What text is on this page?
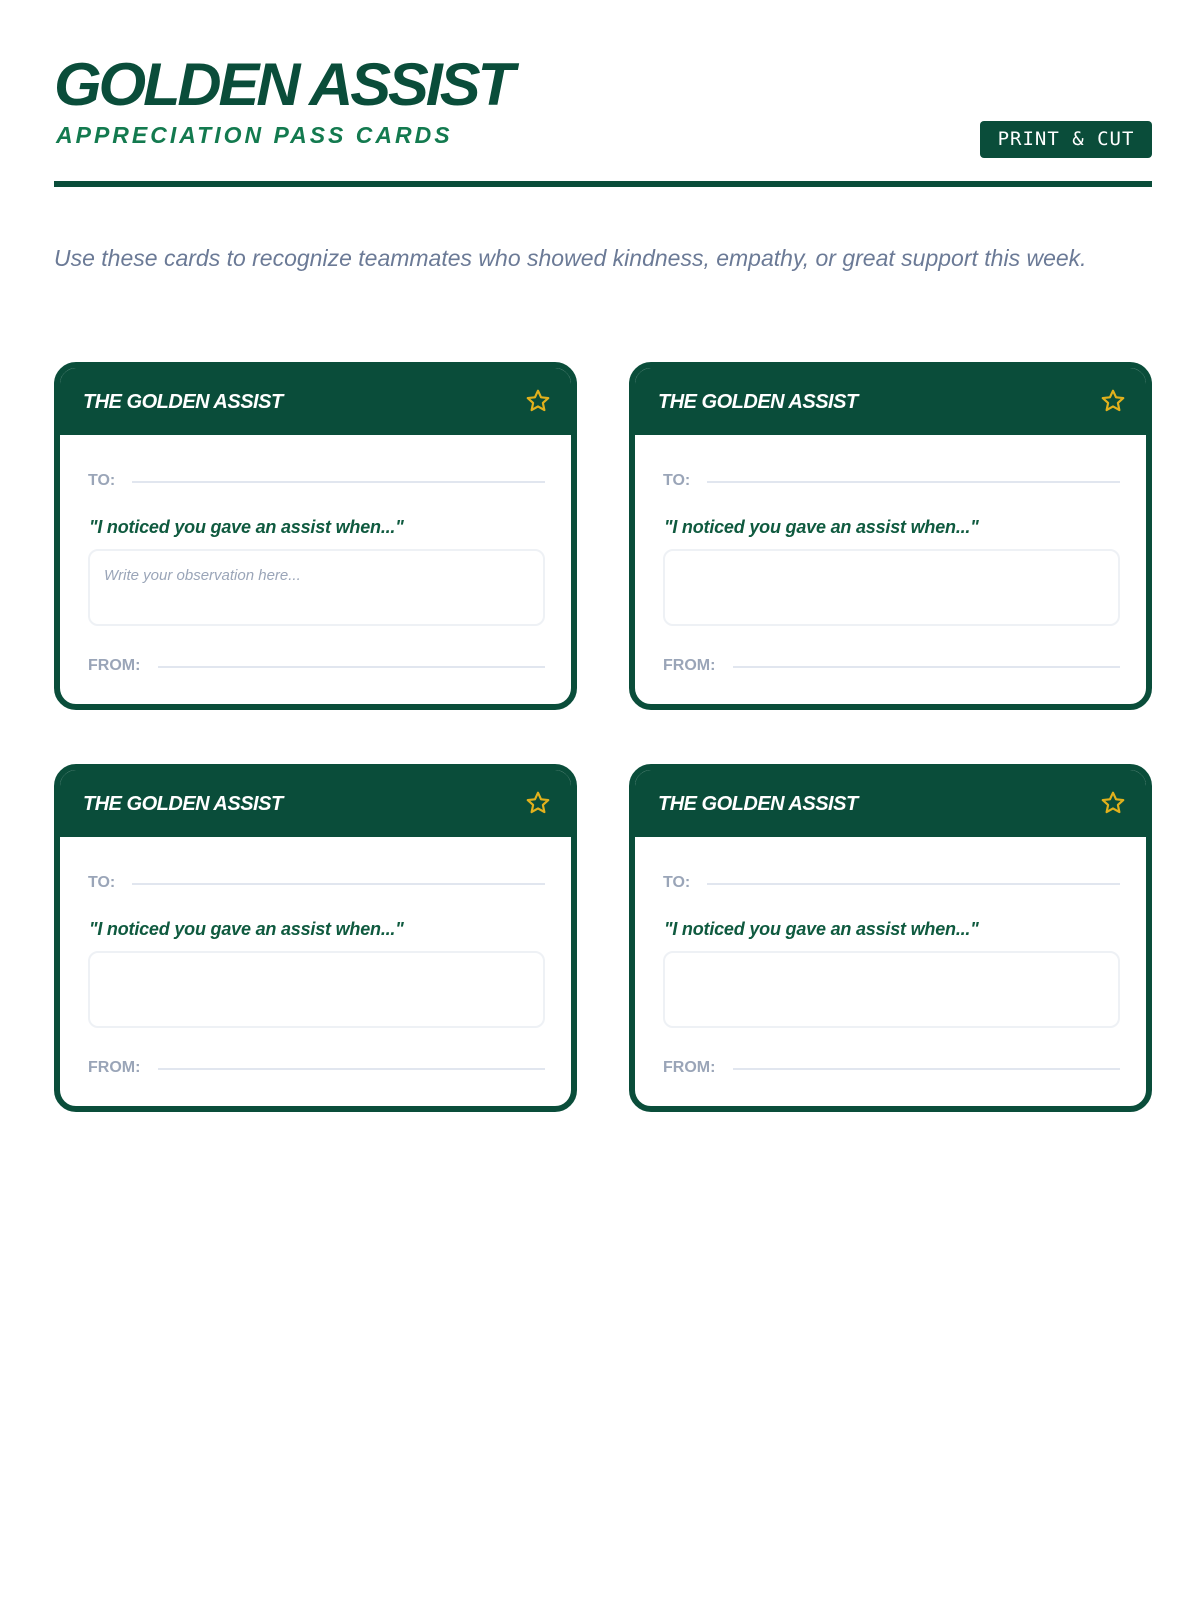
GOLDEN ASSIST
APPRECIATION PASS CARDS	PRINT & CUT

Use these cards to recognize teammates who showed kindness, empathy, or great support this week.

THE GOLDEN ASSIST
TO:
"I noticed you gave an assist when..."
Write your observation here...
FROM:
THE GOLDEN ASSIST
TO:
"I noticed you gave an assist when..."
FROM:
THE GOLDEN ASSIST
TO:
"I noticed you gave an assist when..."
FROM:
THE GOLDEN ASSIST
TO:
"I noticed you gave an assist when..."
FROM:
